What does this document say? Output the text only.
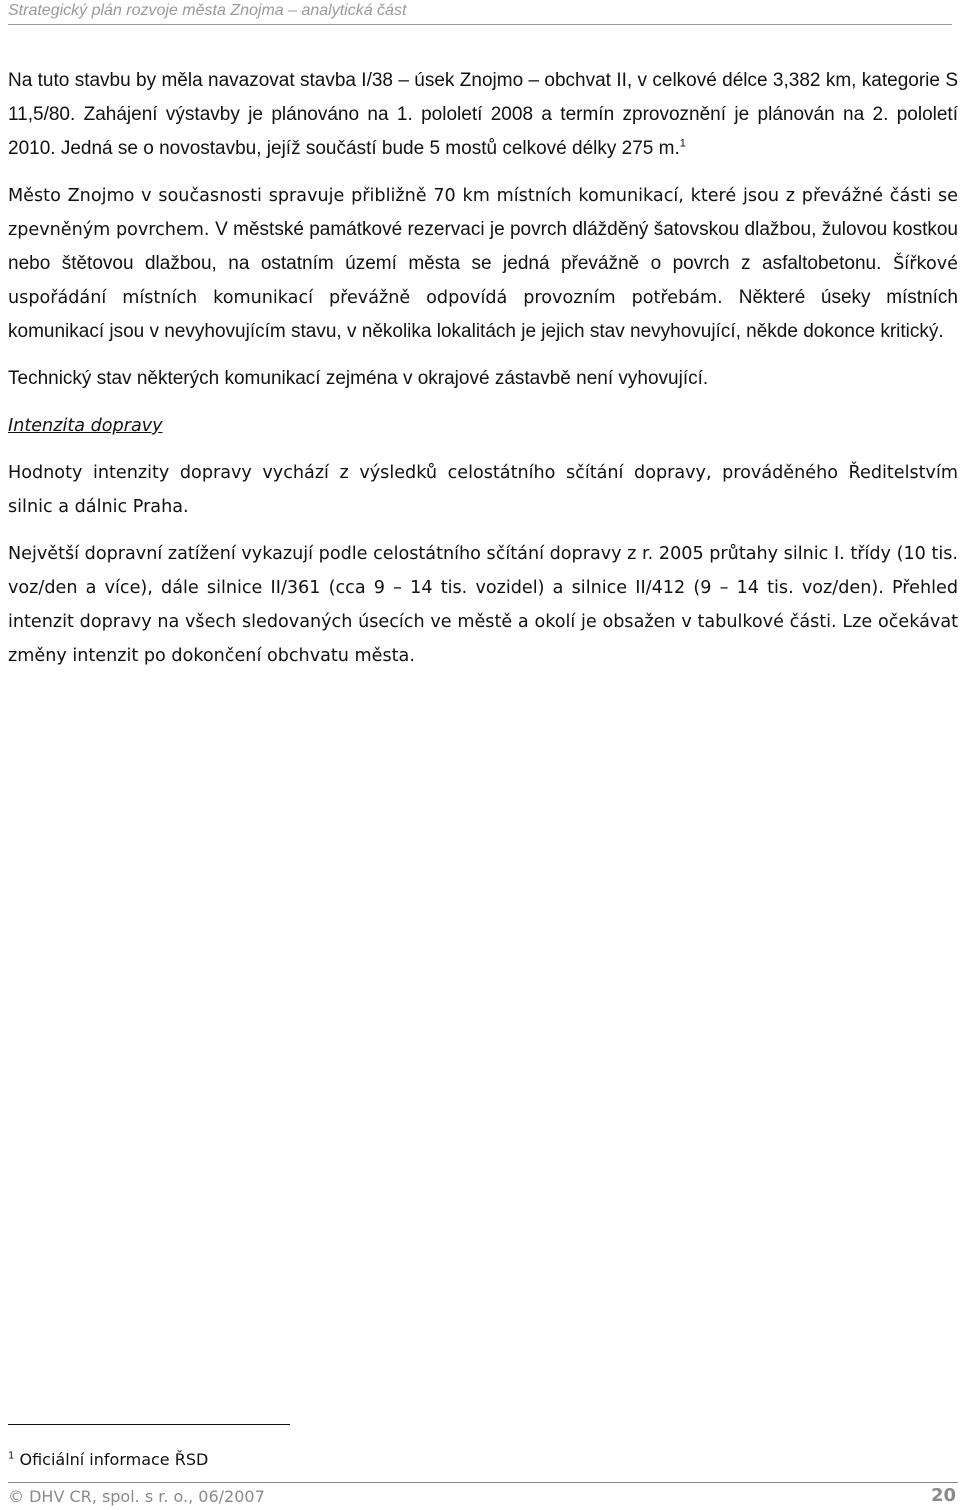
Strategický plán rozvoje města Znojma – analytická část

Na tuto stavbu by měla navazovat stavba I/38 – úsek Znojmo – obchvat II, v celkové délce 3,382 km, kategorie S 11,5/80. Zahájení výstavby je plánováno na 1. pololetí 2008 a termín zprovoznění je plánován na 2. pololetí 2010. Jedná se o novostavbu, jejíž součástí bude 5 mostů celkové délky 275 m.$^1$

Město Znojmo v současnosti spravuje přibližně 70 km místních komunikací, které jsou z převážné části se zpevněným povrchem. V městské památkové rezervaci je povrch dlážděný šatovskou dlažbou, žulovou kostkou nebo štětovou dlažbou, na ostatním území města se jedná převážně o povrch z asfaltobetonu. Šířkové uspořádání místních komunikací převážně odpovídá provozním potřebám. Některé úseky místních komunikací jsou v nevyhovujícím stavu, v několika lokalitách je jejich stav nevyhovující, někde dokonce kritický.

Technický stav některých komunikací zejména v okrajové zástavbě není vyhovující.

Intenzita dopravy

Hodnoty intenzity dopravy vychází z výsledků celostátního sčítání dopravy, prováděného Ředitelstvím silnic a dálnic Praha.

Největší dopravní zatížení vykazují podle celostátního sčítání dopravy z r. 2005 průtahy silnic I. třídy (10 tis. voz/den a více), dále silnice II/361 (cca 9 – 14 tis. vozidel) a silnice II/412 (9 – 14 tis. voz/den). Přehled intenzit dopravy na všech sledovaných úsecích ve městě a okolí je obsažen v tabulkové části. Lze očekávat změny intenzit po dokončení obchvatu města.

$^1$ Oficiální informace ŘSD
© DHV CR, spol. s r. o., 06/2007	20
